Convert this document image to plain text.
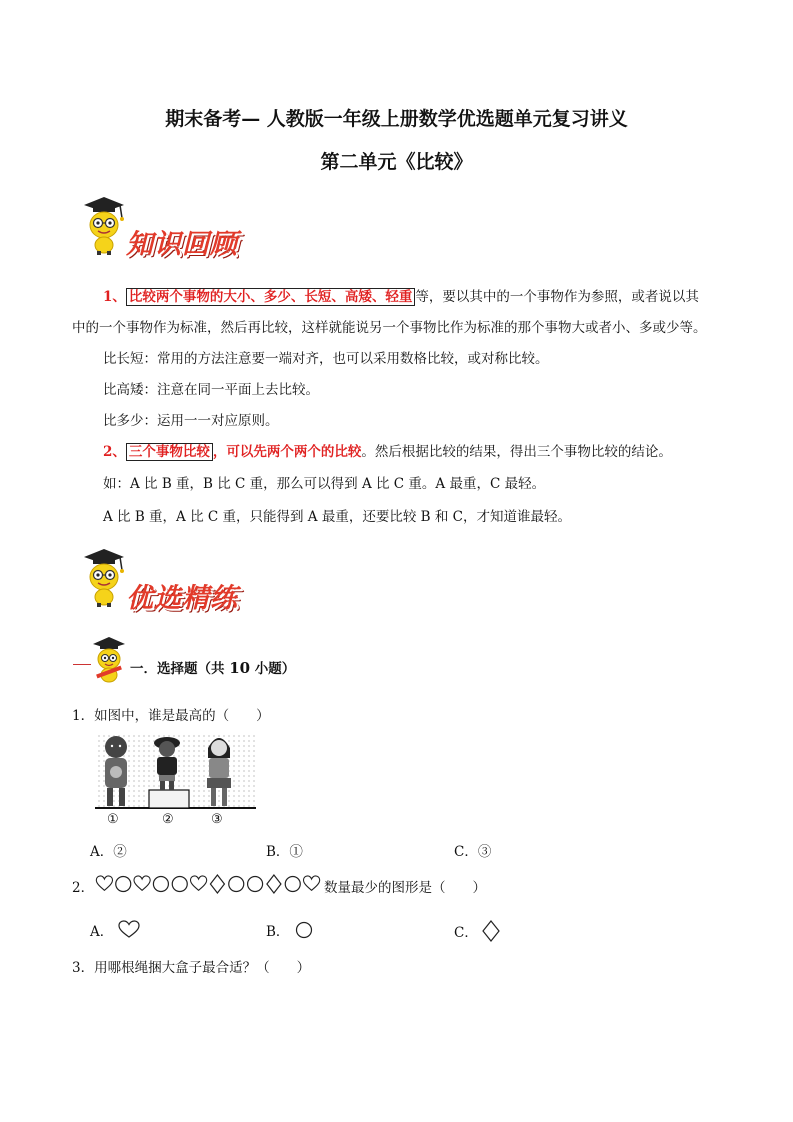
期末备考— 人教版一年级上册数学优选题单元复习讲义
第二单元《比较》
知识回顾
1、 比较两个事物的大小、多少、长短、高矮、轻重 等，要以其中的一个事物作为参照，或者说以其
中的一个事物作为标准，然后再比较，这样就能说另一个事物比作为标准的那个事物大或者小、多或少等。
比长短：常用的方法注意要一端对齐，也可以采用数格比较，或对称比较。
比高矮：注意在同一平面上去比较。
比多少：运用一一对应原则。
2、 三个事物比较 ，可以先两个两个的比较。然后根据比较的结果，得出三个事物比较的结论。
如：A 比 B 重，B 比 C 重，那么可以得到 A 比 C 重。A 最重，C 最轻。
A 比 B 重，A 比 C 重，只能得到 A 最重，还要比较 B 和 C，才知道谁最轻。
优选精练
一．选择题（共 10 小题）
1．如图中，谁是最高的（　　）
①	②	③
A．②	B．①	C．③
2．	数量最少的图形是（　　）
A．	B．	C．
3．用哪根绳捆大盒子最合适？（　　）
